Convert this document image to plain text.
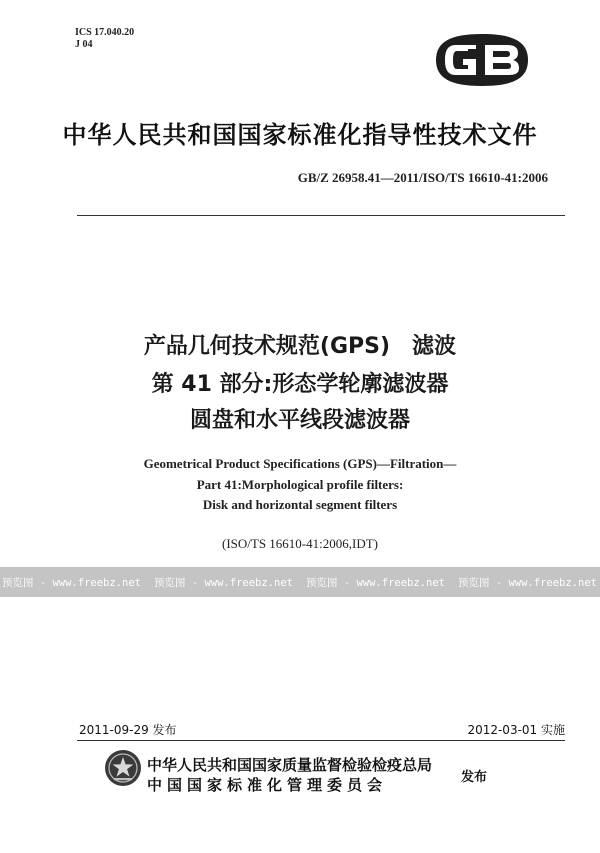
ICS 17.040.20
J 04
中华人民共和国国家标准化指导性技术文件
GB/Z 26958.41—2011/ISO/TS 16610-41:2006
产品几何技术规范(GPS)　滤波
第 41 部分:形态学轮廓滤波器
圆盘和水平线段滤波器
Geometrical Product Specifications (GPS)—Filtration—
Part 41:Morphological profile filters:
Disk and horizontal segment filters
(ISO/TS 16610-41:2006,IDT)
预览图 - www.freebz.net 预览图 - www.freebz.net 预览图 - www.freebz.net 预览图 - www.freebz.net
2011-09-29 发布	2012-03-01 实施
中华人民共和国国家质量监督检验检疫总局
中国国家标准化管理委员会	发布
